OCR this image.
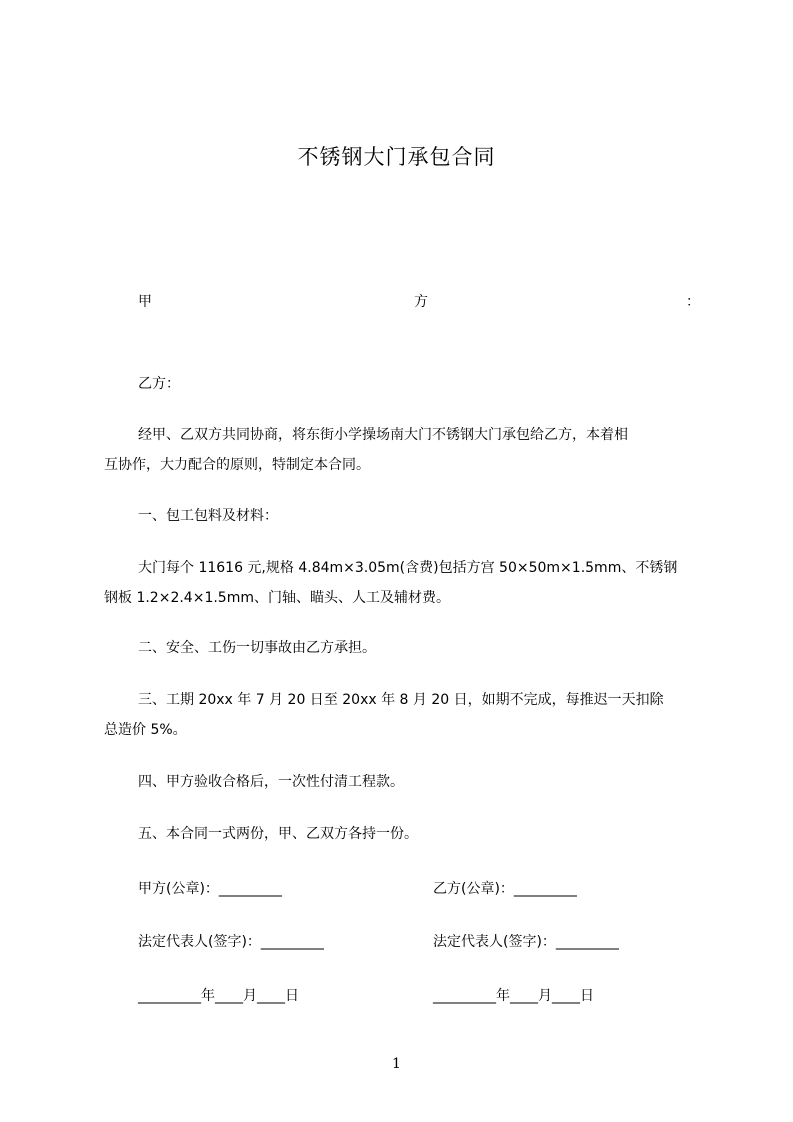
不锈钢大门承包合同
甲	方	：
乙方：
经甲、乙双方共同协商，将东街小学操场南大门不锈钢大门承包给乙方，本着相
互协作，大力配合的原则，特制定本合同。
一、包工包料及材料：
大门每个 11616 元,规格 4.84m×3.05m(含费)包括方宫 50×50m×1.5mm、不锈钢
钢板 1.2×2.4×1.5mm、门轴、瞄头、人工及辅材费。
二、安全、工伤一切事故由乙方承担。
三、工期 20xx 年 7 月 20 日至 20xx 年 8 月 20 日，如期不完成，每推迟一天扣除
总造价 5%。
四、甲方验收合格后，一次性付清工程款。
五、本合同一式两份，甲、乙双方各持一份。
甲方(公章)：_________	乙方(公章)：_________
法定代表人(签字)：_________	法定代表人(签字)：_________
_________年____月____日	_________年____月____日
1
